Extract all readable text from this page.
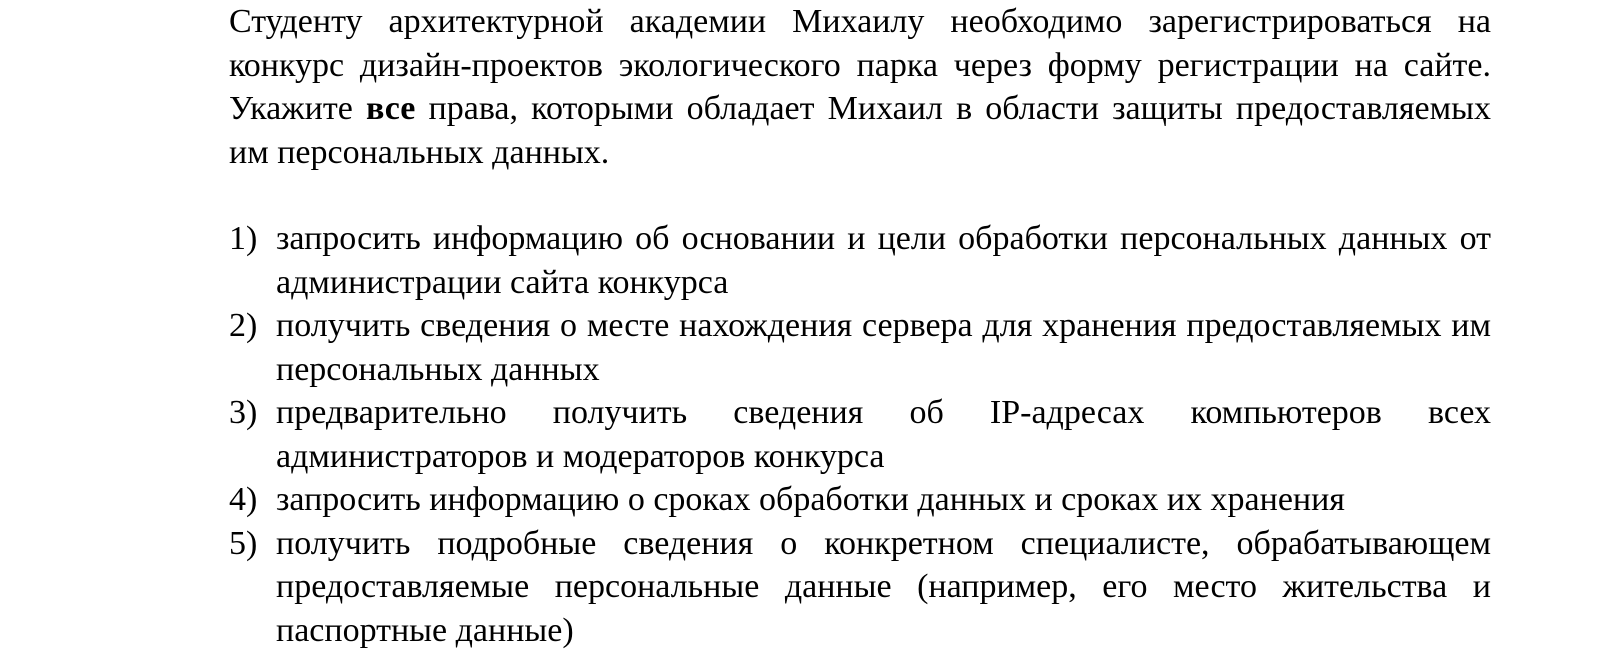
Студенту архитектурной академии Михаилу необходимо зарегистрироваться на конкурс дизайн-проектов экологического парка через форму регистрации на сайте. Укажите все права, которыми обладает Михаил в области защиты предоставляемых им персональных данных.

1) запросить информацию об основании и цели обработки персональных данных от администрации сайта конкурса
2) получить сведения о месте нахождения сервера для хранения предоставляемых им персональных данных
3) предварительно получить сведения об IP-адресах компьютеров всех администраторов и модераторов конкурса
4) запросить информацию о сроках обработки данных и сроках их хранения
5) получить подробные сведения о конкретном специалисте, обрабатывающем предоставляемые персональные данные (например, его место жительства и паспортные данные)
